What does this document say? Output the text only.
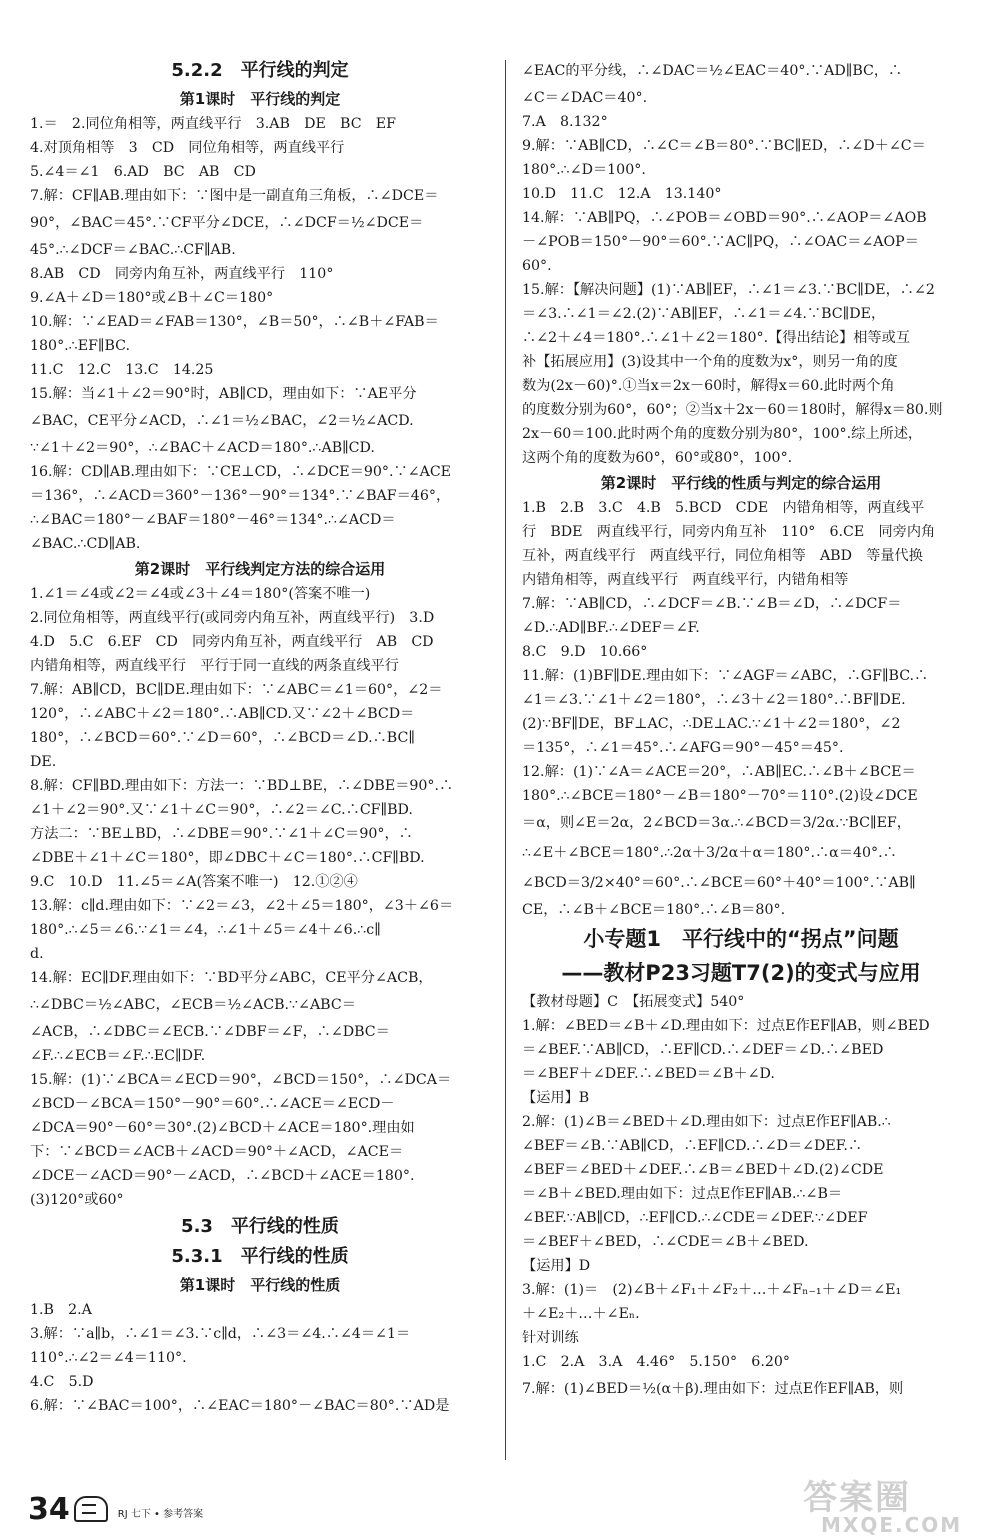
5.2.2　平行线的判定
第1课时　平行线的判定
1.＝　2.同位角相等，两直线平行　3.AB　DE　BC　EF
4.对顶角相等　3　CD　同位角相等，两直线平行
5.∠4＝∠1　6.AD　BC　AB　CD
7.解：CF∥AB.理由如下：∵图中是一副直角三角板，∴∠DCE＝
90°，∠BAC＝45°.∵CF平分∠DCE，∴∠DCF＝½∠DCE＝
45°.∴∠DCF＝∠BAC.∴CF∥AB.
8.AB　CD　同旁内角互补，两直线平行　110°
9.∠A＋∠D＝180°或∠B＋∠C＝180°
10.解：∵∠EAD＝∠FAB＝130°，∠B＝50°，∴∠B＋∠FAB＝
180°.∴EF∥BC.
11.C　12.C　13.C　14.25
15.解：当∠1＋∠2＝90°时，AB∥CD，理由如下：∵AE平分
∠BAC，CE平分∠ACD，∴∠1＝½∠BAC，∠2＝½∠ACD.
∵∠1＋∠2＝90°，∴∠BAC＋∠ACD＝180°.∴AB∥CD.
16.解：CD∥AB.理由如下：∵CE⊥CD，∴∠DCE＝90°.∵∠ACE
＝136°，∴∠ACD＝360°－136°－90°＝134°.∵∠BAF＝46°，
∴∠BAC＝180°－∠BAF＝180°－46°＝134°.∴∠ACD＝
∠BAC.∴CD∥AB.
第2课时　平行线判定方法的综合运用
1.∠1＝∠4或∠2＝∠4或∠3＋∠4＝180°(答案不唯一)
2.同位角相等，两直线平行(或同旁内角互补，两直线平行)　3.D
4.D　5.C　6.EF　CD　同旁内角互补，两直线平行　AB　CD
内错角相等，两直线平行　平行于同一直线的两条直线平行
7.解：AB∥CD，BC∥DE.理由如下：∵∠ABC＝∠1＝60°，∠2＝
120°，∴∠ABC＋∠2＝180°.∴AB∥CD.又∵∠2＋∠BCD＝
180°，∴∠BCD＝60°.∵∠D＝60°，∴∠BCD＝∠D.∴BC∥
DE.
8.解：CF∥BD.理由如下：方法一：∵BD⊥BE，∴∠DBE＝90°.∴
∠1＋∠2＝90°.又∵∠1＋∠C＝90°，∴∠2＝∠C.∴CF∥BD.
方法二：∵BE⊥BD，∴∠DBE＝90°.∵∠1＋∠C＝90°，∴
∠DBE＋∠1＋∠C＝180°，即∠DBC＋∠C＝180°.∴CF∥BD.
9.C　10.D　11.∠5＝∠A(答案不唯一)　12.①②④
13.解：c∥d.理由如下：∵∠2＝∠3，∠2＋∠5＝180°，∠3＋∠6＝
180°.∴∠5＝∠6.∵∠1＝∠4，∴∠1＋∠5＝∠4＋∠6.∴c∥
d.
14.解：EC∥DF.理由如下：∵BD平分∠ABC，CE平分∠ACB，
∴∠DBC＝½∠ABC，∠ECB＝½∠ACB.∵∠ABC＝
∠ACB，∴∠DBC＝∠ECB.∵∠DBF＝∠F，∴∠DBC＝
∠F.∴∠ECB＝∠F.∴EC∥DF.
15.解：(1)∵∠BCA＝∠ECD＝90°，∠BCD＝150°，∴∠DCA＝
∠BCD－∠BCA＝150°－90°＝60°.∴∠ACE＝∠ECD－
∠DCA＝90°－60°＝30°.(2)∠BCD＋∠ACE＝180°.理由如
下：∵∠BCD＝∠ACB＋∠ACD＝90°＋∠ACD，∠ACE＝
∠DCE－∠ACD＝90°－∠ACD，∴∠BCD＋∠ACE＝180°.
(3)120°或60°
5.3　平行线的性质
5.3.1　平行线的性质
第1课时　平行线的性质
1.B　2.A
3.解：∵a∥b，∴∠1＝∠3.∵c∥d，∴∠3＝∠4.∴∠4＝∠1＝
110°.∴∠2＝∠4＝110°.
4.C　5.D
6.解：∵∠BAC＝100°，∴∠EAC＝180°－∠BAC＝80°.∵AD是
∠EAC的平分线，∴∠DAC＝½∠EAC＝40°.∵AD∥BC，∴
∠C＝∠DAC＝40°.
7.A　8.132°
9.解：∵AB∥CD，∴∠C＝∠B＝80°.∵BC∥ED，∴∠D＋∠C＝
180°.∴∠D＝100°.
10.D　11.C　12.A　13.140°
14.解：∵AB∥PQ，∴∠POB＝∠OBD＝90°.∴∠AOP＝∠AOB
－∠POB＝150°－90°＝60°.∵AC∥PQ，∴∠OAC＝∠AOP＝
60°.
15.解：【解决问题】(1)∵AB∥EF，∴∠1＝∠3.∵BC∥DE，∴∠2
＝∠3.∴∠1＝∠2.(2)∵AB∥EF，∴∠1＝∠4.∵BC∥DE，
∴∠2＋∠4＝180°.∴∠1＋∠2＝180°.【得出结论】相等或互
补【拓展应用】(3)设其中一个角的度数为x°，则另一角的度
数为(2x－60)°.①当x＝2x－60时，解得x＝60.此时两个角
的度数分别为60°，60°；②当x＋2x－60＝180时，解得x＝80.则
2x－60＝100.此时两个角的度数分别为80°，100°.综上所述，
这两个角的度数为60°，60°或80°，100°.
第2课时　平行线的性质与判定的综合运用
1.B　2.B　3.C　4.B　5.BCD　CDE　内错角相等，两直线平
行　BDE　两直线平行，同旁内角互补　110°　6.CE　同旁内角
互补，两直线平行　两直线平行，同位角相等　ABD　等量代换
内错角相等，两直线平行　两直线平行，内错角相等
7.解：∵AB∥CD，∴∠DCF＝∠B.∵∠B＝∠D，∴∠DCF＝
∠D.∴AD∥BF.∴∠DEF＝∠F.
8.C　9.D　10.66°
11.解：(1)BF∥DE.理由如下：∵∠AGF＝∠ABC，∴GF∥BC.∴
∠1＝∠3.∵∠1＋∠2＝180°，∴∠3＋∠2＝180°.∴BF∥DE.
(2)∵BF∥DE，BF⊥AC，∴DE⊥AC.∵∠1＋∠2＝180°，∠2
＝135°，∴∠1＝45°.∴∠AFG＝90°－45°＝45°.
12.解：(1)∵∠A＝∠ACE＝20°，∴AB∥EC.∴∠B＋∠BCE＝
180°.∴∠BCE＝180°－∠B＝180°－70°＝110°.(2)设∠DCE
＝α，则∠E＝2α，2∠BCD＝3α.∴∠BCD＝3/2α.∵BC∥EF，
∴∠E＋∠BCE＝180°.∴2α＋3/2α＋α＝180°.∴α＝40°.∴
∠BCD＝3/2×40°＝60°.∴∠BCE＝60°＋40°＝100°.∵AB∥
CE，∴∠B＋∠BCE＝180°.∴∠B＝80°.
小专题1　平行线中的“拐点”问题
——教材P23习题T7(2)的变式与应用
【教材母题】C　【拓展变式】540°
1.解：∠BED＝∠B＋∠D.理由如下：过点E作EF∥AB，则∠BED
＝∠BEF.∵AB∥CD，∴EF∥CD.∴∠DEF＝∠D.∴∠BED
＝∠BEF＋∠DEF.∴∠BED＝∠B＋∠D.
【运用】B
2.解：(1)∠B＝∠BED＋∠D.理由如下：过点E作EF∥AB.∴
∠BEF＝∠B.∵AB∥CD，∴EF∥CD.∴∠D＝∠DEF.∴
∠BEF＝∠BED＋∠DEF.∴∠B＝∠BED＋∠D.(2)∠CDE
＝∠B＋∠BED.理由如下：过点E作EF∥AB.∴∠B＝
∠BEF.∵AB∥CD，∴EF∥CD.∴∠CDE＝∠DEF.∵∠DEF
＝∠BEF＋∠BED，∴∠CDE＝∠B＋∠BED.
【运用】D
3.解：(1)＝　(2)∠B＋∠F₁＋∠F₂＋…＋∠Fₙ₋₁＋∠D＝∠E₁
＋∠E₂＋…＋∠Eₙ.
针对训练
1.C　2.A　3.A　4.46°　5.150°　6.20°
7.解：(1)∠BED＝½(α＋β).理由如下：过点E作EF∥AB，则
34	RJ 七下 • 参考答案	答案圈
MXQE.COM
